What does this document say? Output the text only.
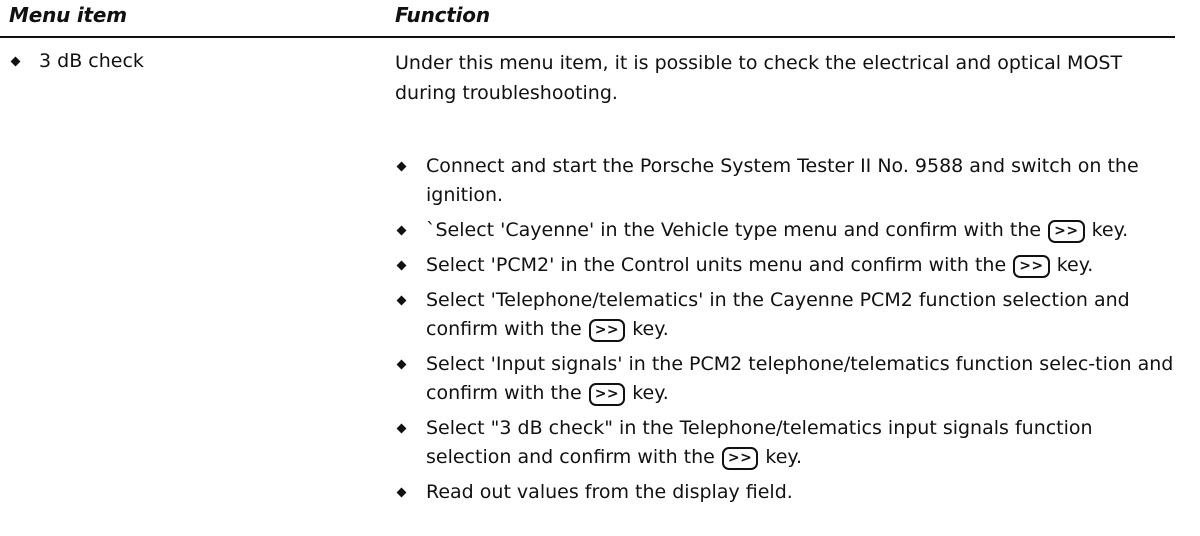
Menu item	Function
3 dB check	Under this menu item, it is possible to check the electrical and optical MOST during troubleshooting.

Connect and start the Porsche System Tester II No. 9588 and switch on the ignition.
`Select 'Cayenne' in the Vehicle type menu and confirm with the >> key.
Select 'PCM2' in the Control units menu and confirm with the >> key.
Select 'Telephone/telematics' in the Cayenne PCM2 function selection and confirm with the >> key.
Select 'Input signals' in the PCM2 telephone/telematics function selec-tion and confirm with the >> key.
Select "3 dB check" in the Telephone/telematics input signals function selection and confirm with the >> key.
Read out values from the display field.
